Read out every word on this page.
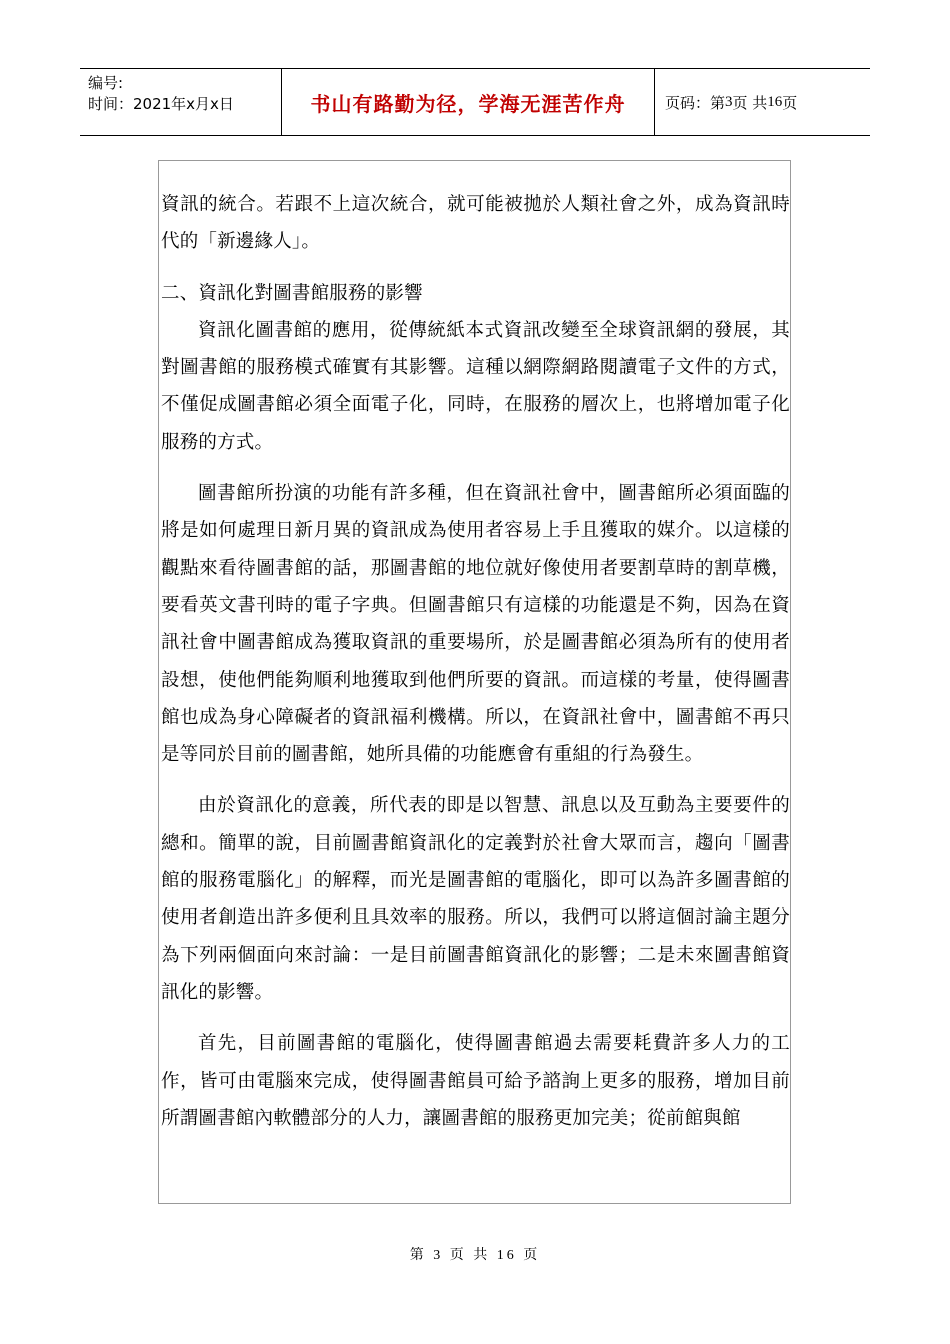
编号:
时间：2021年x月x日	书山有路勤为径，学海无涯苦作舟	页码：第 3 页 共 16 页

資訊的統合。若跟不上這次統合，就可能被拋於人類社會之外，成為資訊時代的「新邊緣人」。

二、資訊化對圖書館服務的影響

資訊化圖書館的應用，從傳統紙本式資訊改變至全球資訊網的發展，其對圖書館的服務模式確實有其影響。這種以網際網路閱讀電子文件的方式，不僅促成圖書館必須全面電子化，同時，在服務的層次上，也將增加電子化服務的方式。

圖書館所扮演的功能有許多種，但在資訊社會中，圖書館所必須面臨的將是如何處理日新月異的資訊成為使用者容易上手且獲取的媒介。以這樣的觀點來看待圖書館的話，那圖書館的地位就好像使用者要割草時的割草機，要看英文書刊時的電子字典。但圖書館只有這樣的功能還是不夠，因為在資訊社會中圖書館成為獲取資訊的重要場所，於是圖書館必須為所有的使用者設想，使他們能夠順利地獲取到他們所要的資訊。而這樣的考量，使得圖書館也成為身心障礙者的資訊福利機構。所以，在資訊社會中，圖書館不再只是等同於目前的圖書館，她所具備的功能應會有重組的行為發生。

由於資訊化的意義，所代表的即是以智慧、訊息以及互動為主要要件的總和。簡單的說，目前圖書館資訊化的定義對於社會大眾而言，趨向「圖書館的服務電腦化」的解釋，而光是圖書館的電腦化，即可以為許多圖書館的使用者創造出許多便利且具效率的服務。所以，我們可以將這個討論主題分為下列兩個面向來討論：一是目前圖書館資訊化的影響；二是未來圖書館資訊化的影響。

首先，目前圖書館的電腦化，使得圖書館過去需要耗費許多人力的工作，皆可由電腦來完成，使得圖書館員可給予諮詢上更多的服務，增加目前所謂圖書館內軟體部分的人力，讓圖書館的服務更加完美；從前館與館

第 3 页 共 16 页
